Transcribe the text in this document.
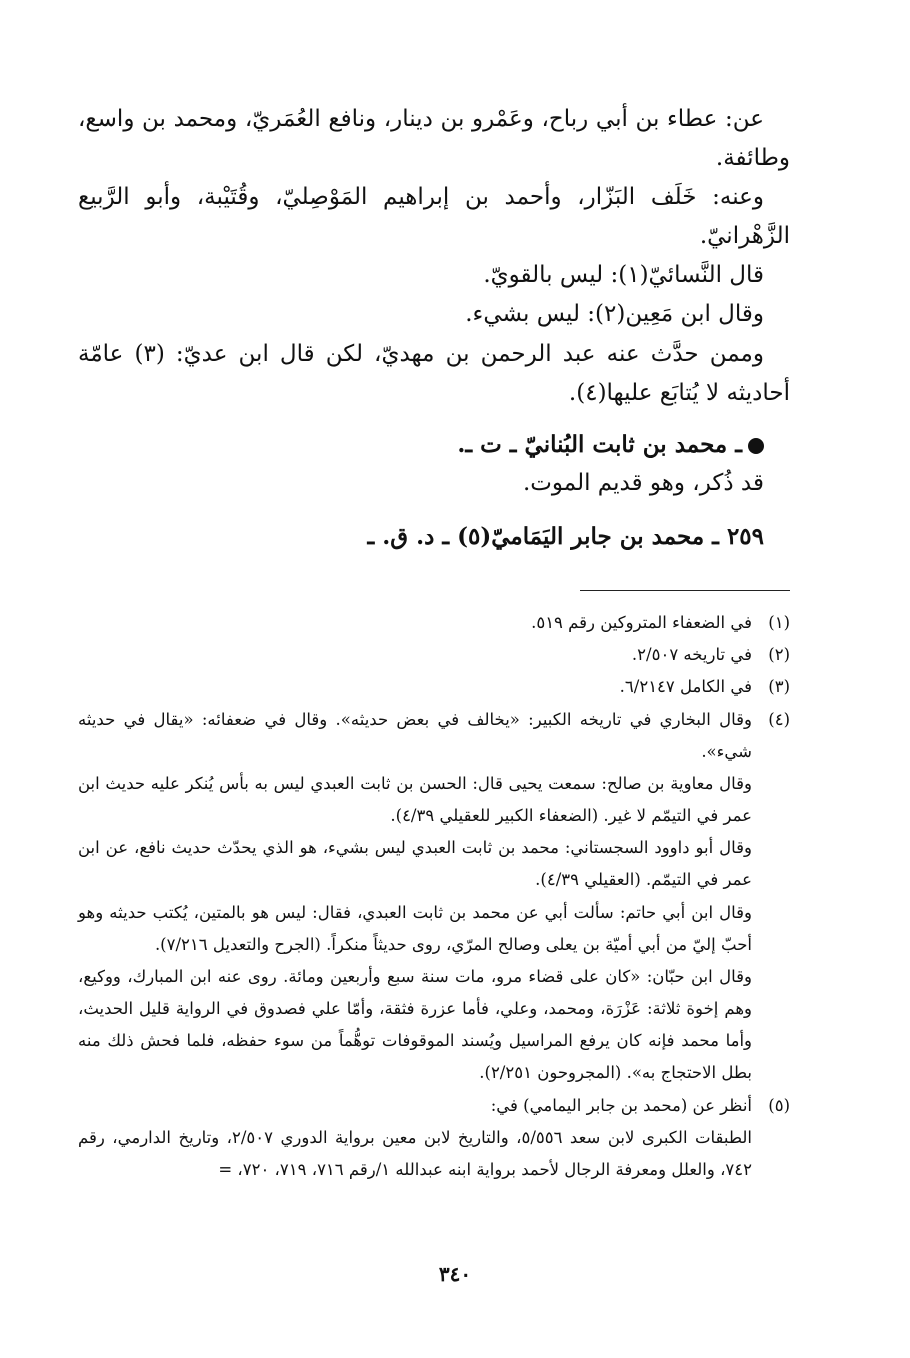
عن: عطاء بن أبي رباح، وعَمْرو بن دينار، ونافع العُمَريّ، ومحمد بن واسع، وطائفة.

وعنه: خَلَف البَزّار، وأحمد بن إبراهيم المَوْصِليّ، وقُتَيْبة، وأبو الرَّبيع الزَّهْرانيّ.

قال النَّسائيّ(١): ليس بالقويّ.

وقال ابن مَعِين(٢): ليس بشيء.

وممن حدَّث عنه عبد الرحمن بن مهديّ، لكن قال ابن عديّ: (٣) عامّة أحاديثه لا يُتابَع عليها(٤).

ـ محمد بن ثابت البُنانيّ ـ ت ـ.

قد ذُكر، وهو قديم الموت.

٢٥٩ ـ محمد بن جابر اليَمَاميّ(٥) ـ د. ق. ـ

(١)

في الضعفاء المتروكين رقم ٥١٩.

(٢)

في تاريخه ٢/٥٠٧.

(٣)

في الكامل ٦/٢١٤٧.

(٤)

وقال البخاري في تاريخه الكبير: «يخالف في بعض حديثه». وقال في ضعفائه: «يقال في حديثه شيء».

وقال معاوية بن صالح: سمعت يحيى قال: الحسن بن ثابت العبدي ليس به بأس يُنكر عليه حديث ابن عمر في التيمّم لا غير. (الضعفاء الكبير للعقيلي ٤/٣٩).

وقال أبو داوود السجستاني: محمد بن ثابت العبدي ليس بشيء، هو الذي يحدّث حديث نافع، عن ابن عمر في التيمّم. (العقيلي ٤/٣٩).

وقال ابن أبي حاتم: سألت أبي عن محمد بن ثابت العبدي، فقال: ليس هو بالمتين، يُكتب حديثه وهو أحبّ إليّ من أبي أميّة بن يعلى وصالح المرّي، روى حديثاً منكراً. (الجرح والتعديل ٧/٢١٦).

وقال ابن حبّان: «كان على قضاء مرو، مات سنة سبع وأربعين ومائة. روى عنه ابن المبارك، ووكيع، وهم إخوة ثلاثة: عَزْرَة، ومحمد، وعلي، فأما عزرة فثقة، وأمّا علي فصدوق في الرواية قليل الحديث، وأما محمد فإنه كان يرفع المراسيل ويُسند الموقوفات توهُّماً من سوء حفظه، فلما فحش ذلك منه بطل الاحتجاج به». (المجروحون ٢/٢٥١).

(٥)

أنظر عن (محمد بن جابر اليمامي) في:

الطبقات الكبرى لابن سعد ٥/٥٥٦، والتاريخ لابن معين برواية الدوري ٢/٥٠٧، وتاريخ الدارمي، رقم ٧٤٢، والعلل ومعرفة الرجال لأحمد برواية ابنه عبدالله ١/رقم ٧١٦، ٧١٩، ٧٢٠، =

٣٤٠
